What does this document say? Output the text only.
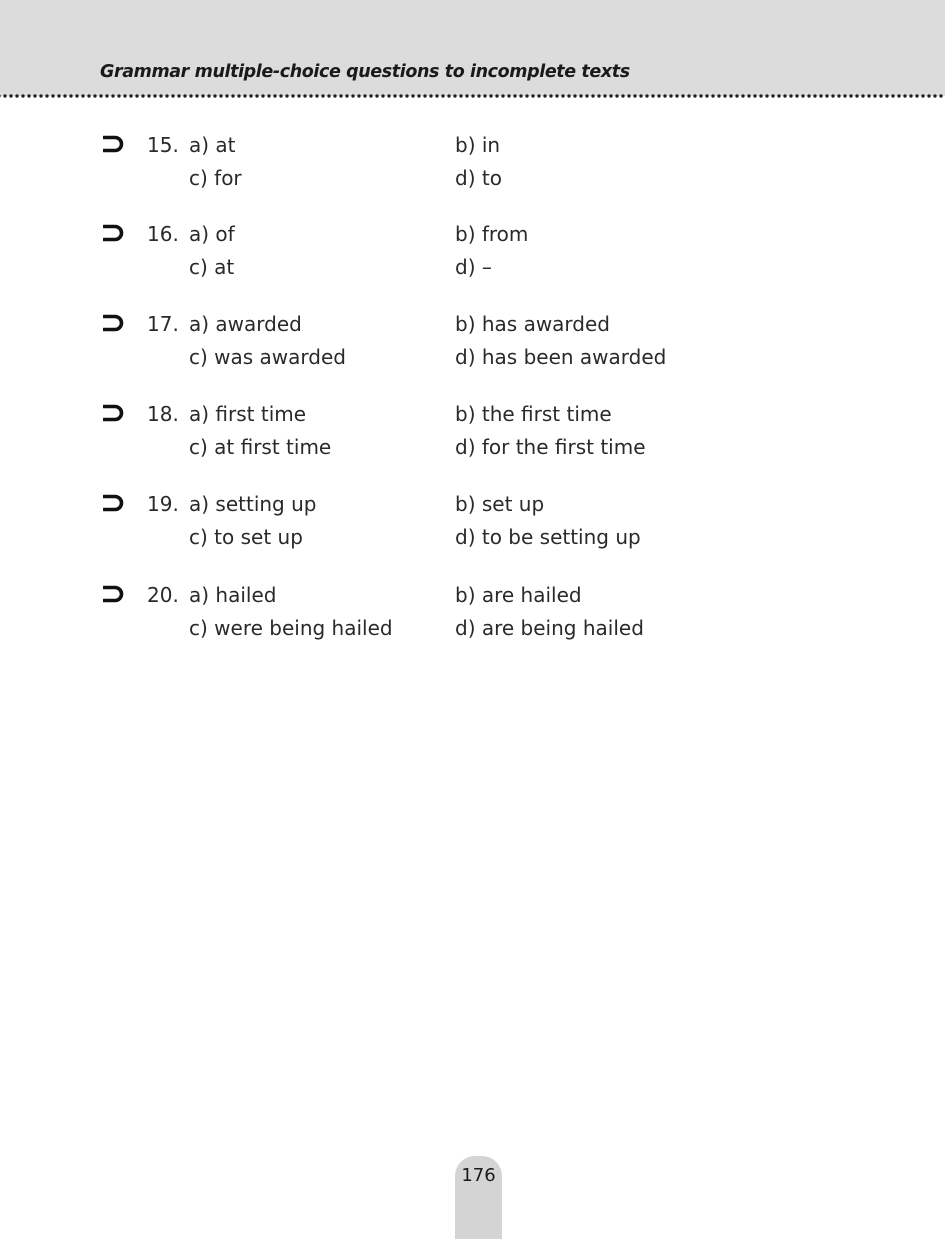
Grammar multiple-choice questions to incomplete texts
15. a) at	b) in
c) for	d) to
16. a) of	b) from
c) at	d) –
17. a) awarded	b) has awarded
c) was awarded	d) has been awarded
18. a) first time	b) the first time
c) at first time	d) for the first time
19. a) setting up	b) set up
c) to set up	d) to be setting up
20. a) hailed	b) are hailed
c) were being hailed	d) are being hailed
176
